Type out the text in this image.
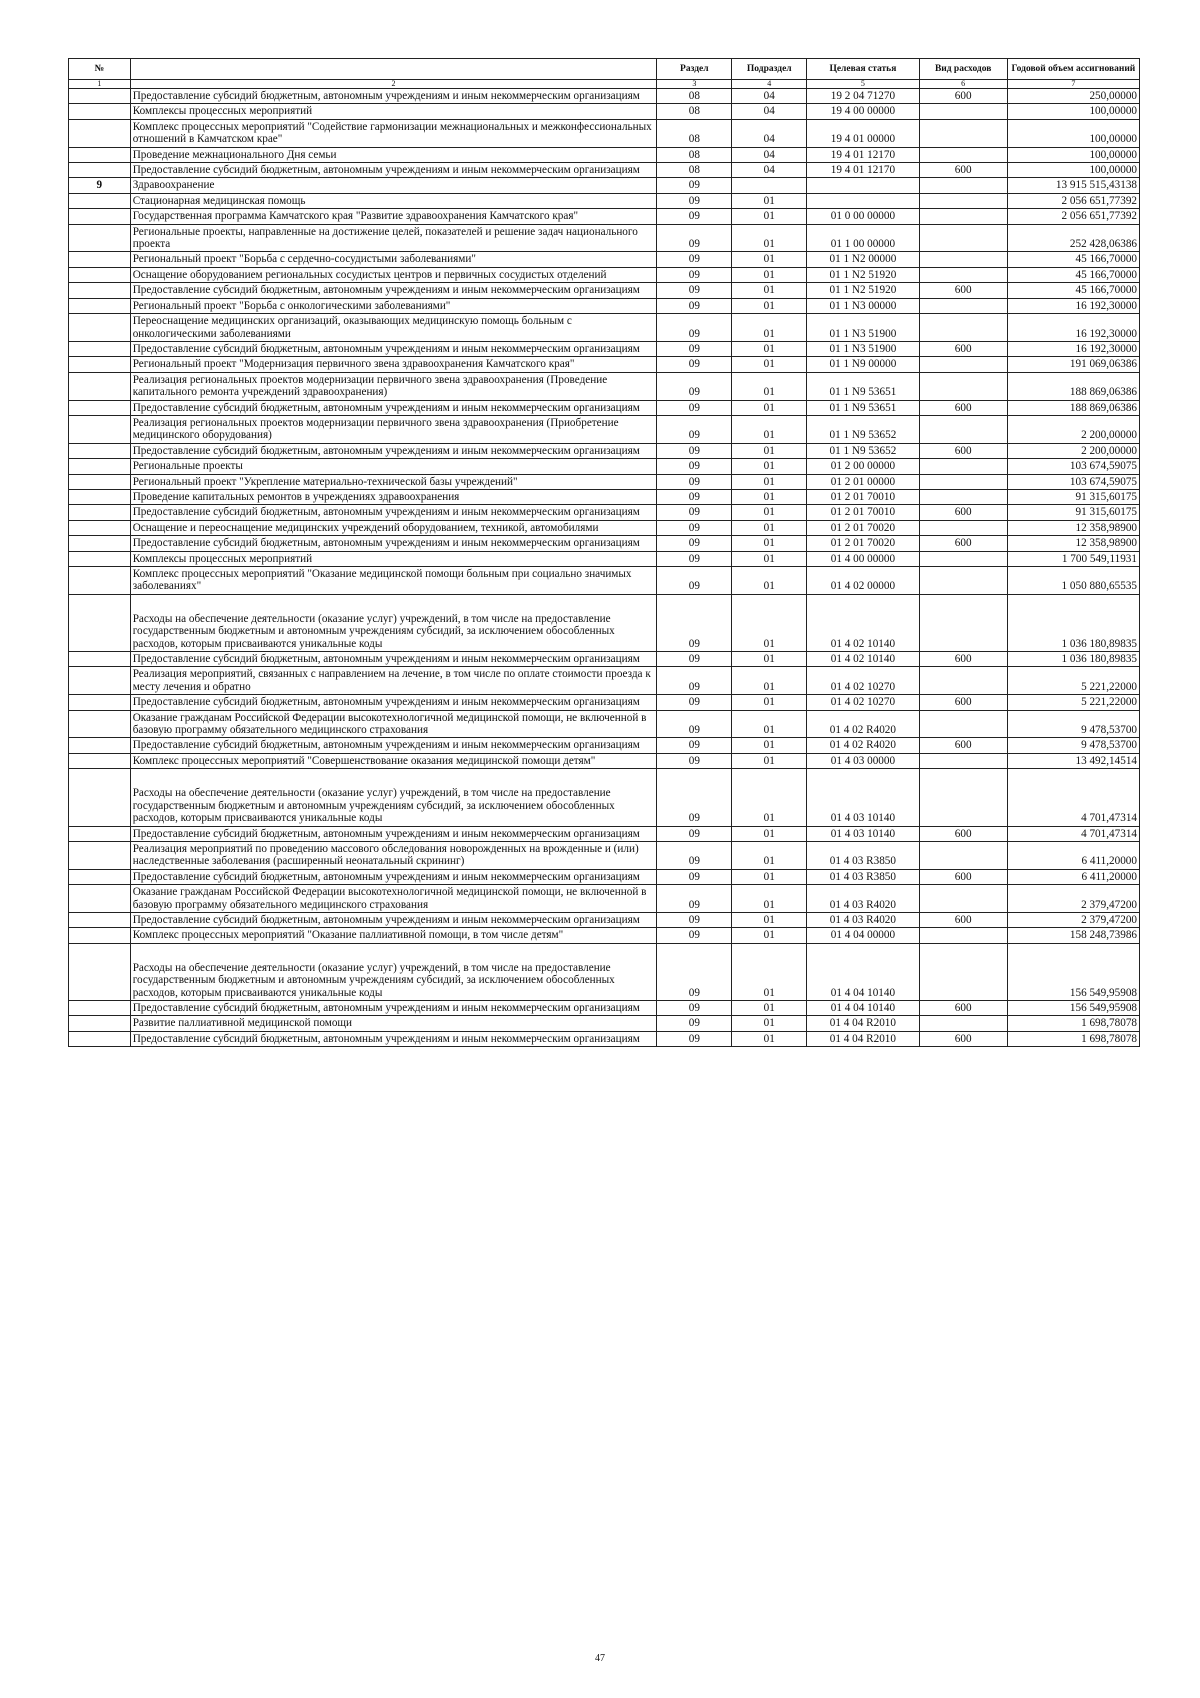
№		Раздел	Подраздел	Целевая статья	Вид расходов	Годовой объем ассигнований
1	2	3	4	5	6	7
	Предоставление субсидий бюджетным, автономным учреждениям и иным некоммерческим организациям	08	04	19 2 04 71270	600	250,00000
	Комплексы процессных мероприятий	08	04	19 4 00 00000		100,00000
	Комплекс процессных мероприятий "Содействие гармонизации межнациональных и межконфессиональных отношений в Камчатском крае"	08	04	19 4 01 00000		100,00000
	Проведение межнационального Дня семьи	08	04	19 4 01 12170		100,00000
	Предоставление субсидий бюджетным, автономным учреждениям и иным некоммерческим организациям	08	04	19 4 01 12170	600	100,00000
9	Здравоохранение	09				13 915 515,43138
	Стационарная медицинская помощь	09	01			2 056 651,77392
	Государственная программа Камчатского края "Развитие здравоохранения Камчатского края"	09	01	01 0 00 00000		2 056 651,77392
	Региональные проекты, направленные на достижение целей, показателей и решение задач национального проекта	09	01	01 1 00 00000		252 428,06386
	Региональный проект "Борьба с сердечно-сосудистыми заболеваниями"	09	01	01 1 N2 00000		45 166,70000
	Оснащение оборудованием региональных сосудистых центров и первичных сосудистых отделений	09	01	01 1 N2 51920		45 166,70000
	Предоставление субсидий бюджетным, автономным учреждениям и иным некоммерческим организациям	09	01	01 1 N2 51920	600	45 166,70000
	Региональный проект "Борьба с онкологическими заболеваниями"	09	01	01 1 N3 00000		16 192,30000
	Переоснащение медицинских организаций, оказывающих медицинскую помощь больным с онкологическими заболеваниями	09	01	01 1 N3 51900		16 192,30000
	Предоставление субсидий бюджетным, автономным учреждениям и иным некоммерческим организациям	09	01	01 1 N3 51900	600	16 192,30000
	Региональный проект "Модернизация первичного звена здравоохранения Камчатского края"	09	01	01 1 N9 00000		191 069,06386
	Реализация региональных проектов модернизации первичного звена здравоохранения (Проведение капитального ремонта учреждений здравоохранения)	09	01	01 1 N9 53651		188 869,06386
	Предоставление субсидий бюджетным, автономным учреждениям и иным некоммерческим организациям	09	01	01 1 N9 53651	600	188 869,06386
	Реализация региональных проектов модернизации первичного звена здравоохранения (Приобретение медицинского оборудования)	09	01	01 1 N9 53652		2 200,00000
	Предоставление субсидий бюджетным, автономным учреждениям и иным некоммерческим организациям	09	01	01 1 N9 53652	600	2 200,00000
	Региональные проекты	09	01	01 2 00 00000		103 674,59075
	Региональный проект "Укрепление материально-технической базы учреждений"	09	01	01 2 01 00000		103 674,59075
	Проведение капитальных ремонтов в учреждениях здравоохранения	09	01	01 2 01 70010		91 315,60175
	Предоставление субсидий бюджетным, автономным учреждениям и иным некоммерческим организациям	09	01	01 2 01 70010	600	91 315,60175
	Оснащение и переоснащение медицинских учреждений оборудованием, техникой, автомобилями	09	01	01 2 01 70020		12 358,98900
	Предоставление субсидий бюджетным, автономным учреждениям и иным некоммерческим организациям	09	01	01 2 01 70020	600	12 358,98900
	Комплексы процессных мероприятий	09	01	01 4 00 00000		1 700 549,11931
	Комплекс процессных мероприятий "Оказание медицинской помощи больным при социально значимых заболеваниях"	09	01	01 4 02 00000		1 050 880,65535
	Расходы на обеспечение деятельности (оказание услуг) учреждений, в том числе на предоставление государственным бюджетным и автономным учреждениям субсидий, за исключением обособленных расходов, которым присваиваются уникальные коды	09	01	01 4 02 10140		1 036 180,89835
	Предоставление субсидий бюджетным, автономным учреждениям и иным некоммерческим организациям	09	01	01 4 02 10140	600	1 036 180,89835
	Реализация мероприятий, связанных с направлением на лечение, в том числе по оплате стоимости проезда к месту лечения и обратно	09	01	01 4 02 10270		5 221,22000
	Предоставление субсидий бюджетным, автономным учреждениям и иным некоммерческим организациям	09	01	01 4 02 10270	600	5 221,22000
	Оказание гражданам Российской Федерации высокотехнологичной медицинской помощи, не включенной в базовую программу обязательного медицинского страхования	09	01	01 4 02 R4020		9 478,53700
	Предоставление субсидий бюджетным, автономным учреждениям и иным некоммерческим организациям	09	01	01 4 02 R4020	600	9 478,53700
	Комплекс процессных мероприятий "Совершенствование оказания медицинской помощи детям"	09	01	01 4 03 00000		13 492,14514
	Расходы на обеспечение деятельности (оказание услуг) учреждений, в том числе на предоставление государственным бюджетным и автономным учреждениям субсидий, за исключением обособленных расходов, которым присваиваются уникальные коды	09	01	01 4 03 10140		4 701,47314
	Предоставление субсидий бюджетным, автономным учреждениям и иным некоммерческим организациям	09	01	01 4 03 10140	600	4 701,47314
	Реализация мероприятий по проведению массового обследования новорожденных на врожденные и (или) наследственные заболевания (расширенный неонатальный скрининг)	09	01	01 4 03 R3850		6 411,20000
	Предоставление субсидий бюджетным, автономным учреждениям и иным некоммерческим организациям	09	01	01 4 03 R3850	600	6 411,20000
	Оказание гражданам Российской Федерации высокотехнологичной медицинской помощи, не включенной в базовую программу обязательного медицинского страхования	09	01	01 4 03 R4020		2 379,47200
	Предоставление субсидий бюджетным, автономным учреждениям и иным некоммерческим организациям	09	01	01 4 03 R4020	600	2 379,47200
	Комплекс процессных мероприятий "Оказание паллиативной помощи, в том числе детям"	09	01	01 4 04 00000		158 248,73986
	Расходы на обеспечение деятельности (оказание услуг) учреждений, в том числе на предоставление государственным бюджетным и автономным учреждениям субсидий, за исключением обособленных расходов, которым присваиваются уникальные коды	09	01	01 4 04 10140		156 549,95908
	Предоставление субсидий бюджетным, автономным учреждениям и иным некоммерческим организациям	09	01	01 4 04 10140	600	156 549,95908
	Развитие паллиативной медицинской помощи	09	01	01 4 04 R2010		1 698,78078
	Предоставление субсидий бюджетным, автономным учреждениям и иным некоммерческим организациям	09	01	01 4 04 R2010	600	1 698,78078
47
